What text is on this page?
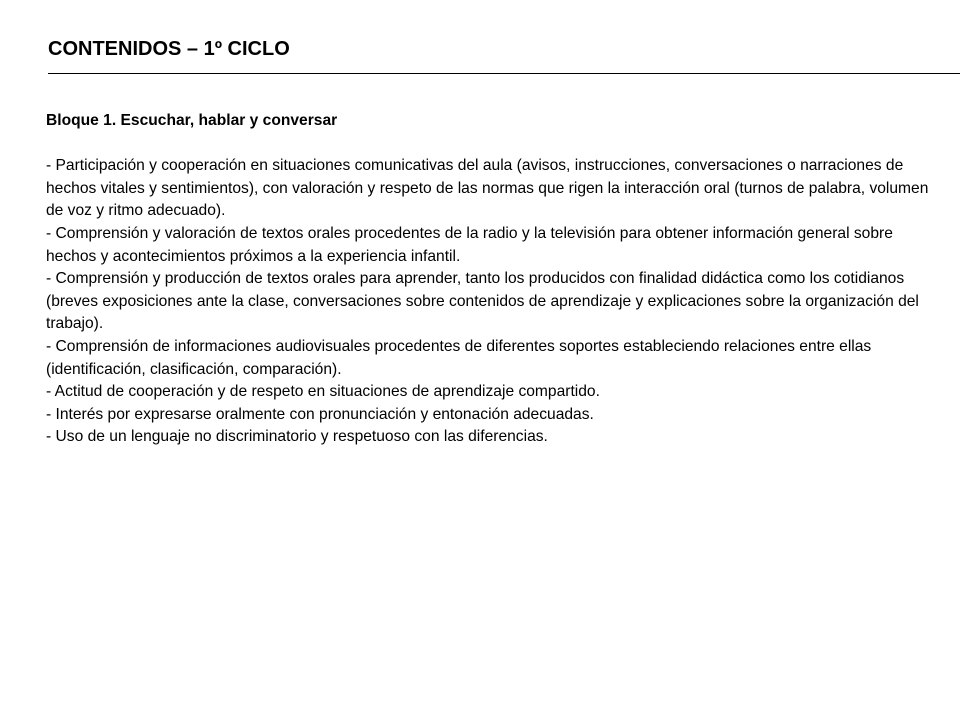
CONTENIDOS – 1º CICLO

Bloque 1. Escuchar, hablar y conversar

- Participación y cooperación en situaciones comunicativas del aula (avisos, instrucciones, conversaciones o narraciones de hechos vitales y sentimientos), con valoración y respeto de las normas que rigen la interacción oral (turnos de palabra, volumen de voz y ritmo adecuado).
- Comprensión y valoración de textos orales procedentes de la radio y la televisión para obtener información general sobre hechos y acontecimientos próximos a la experiencia infantil.
- Comprensión y producción de textos orales para aprender, tanto los producidos con finalidad didáctica como los cotidianos (breves exposiciones ante la clase, conversaciones sobre contenidos de aprendizaje y explicaciones sobre la organización del trabajo).
- Comprensión de informaciones audiovisuales procedentes de diferentes soportes estableciendo relaciones entre ellas (identificación, clasificación, comparación).
- Actitud de cooperación y de respeto en situaciones de aprendizaje compartido.
- Interés por expresarse oralmente con pronunciación y entonación adecuadas.
- Uso de un lenguaje no discriminatorio y respetuoso con las diferencias.
